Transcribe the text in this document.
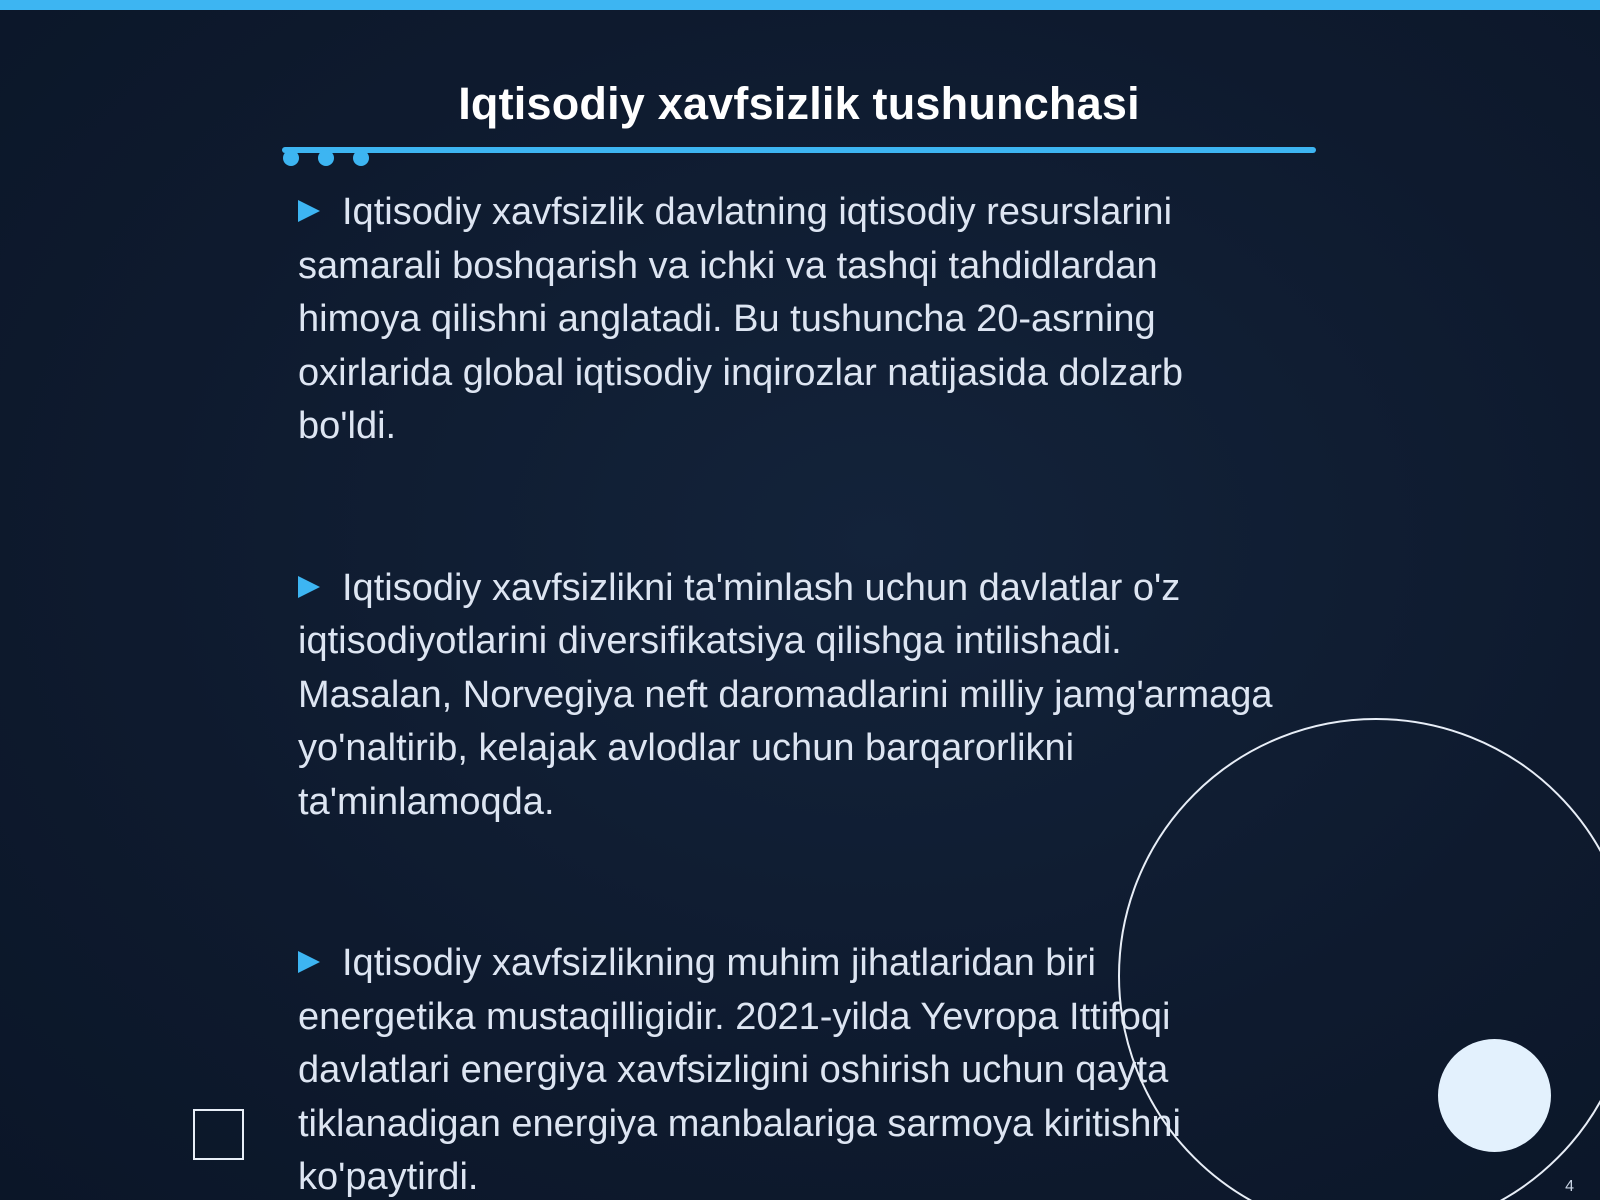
Iqtisodiy xavfsizlik tushunchasi
Iqtisodiy xavfsizlik davlatning iqtisodiy resurslarini samarali boshqarish va ichki va tashqi tahdidlardan himoya qilishni anglatadi. Bu tushuncha 20-asrning oxirlarida global iqtisodiy inqirozlar natijasida dolzarb bo'ldi.
Iqtisodiy xavfsizlikni ta'minlash uchun davlatlar o'z iqtisodiyotlarini diversifikatsiya qilishga intilishadi. Masalan, Norvegiya neft daromadlarini milliy jamg'armaga yo'naltirib, kelajak avlodlar uchun barqarorlikni ta'minlamoqda.
Iqtisodiy xavfsizlikning muhim jihatlaridan biri energetika mustaqilligidir. 2021-yilda Yevropa Ittifoqi davlatlari energiya xavfsizligini oshirish uchun qayta tiklanadigan energiya manbalariga sarmoya kiritishni ko'paytirdi.	4
